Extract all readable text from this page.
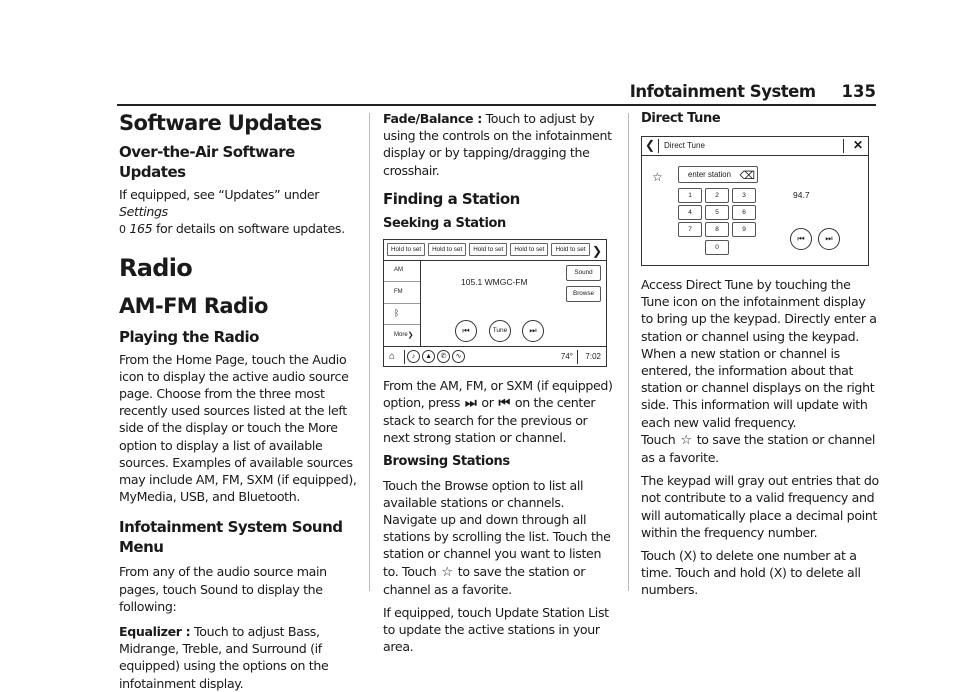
Infotainment System 135
Software Updates
Over-the-Air Software Updates

If equipped, see “Updates” under Settings
0 165 for details on software updates.

Radio
AM-FM Radio
Playing the Radio

From the Home Page, touch the Audio icon to display the active audio source page. Choose from the three most recently used sources listed at the left side of the display or touch the More option to display a list of available sources. Examples of available sources may include AM, FM, SXM (if equipped), MyMedia, USB, and Bluetooth.

Infotainment System Sound Menu

From any of the audio source main pages, touch Sound to display the following:

Equalizer : Touch to adjust Bass, Midrange, Treble, and Surround (if equipped) using the options on the infotainment display.

Fade/Balance : Touch to adjust by using the controls on the infotainment display or by tapping/dragging the crosshair.

Finding a Station
Seeking a Station
Hold to set	Hold to set	Hold to set	Hold to set	Hold to set ❯
AM
FM
ᛒ
More ❯
105.1 WMGC-FM
Sound
Browse
⏮	Tune	⏭
⌂	♪	▲	✆	∿	74° 7:02

From the AM, FM, or SXM (if equipped) option, press ⏭ or ⏮ on the center stack to search for the previous or next strong station or channel.

Browsing Stations

Touch the Browse option to list all available stations or channels. Navigate up and down through all stations by scrolling the list. Touch the station or channel you want to listen to. Touch ☆ to save the station or channel as a favorite.

If equipped, touch Update Station List to update the active stations in your area.

Direct Tune
❮	Direct Tune	✕
☆	enter station ⌫
1	2	3
4	5	6
7	8	9
0
94.7
⏮	⏭

Access Direct Tune by touching the Tune icon on the infotainment display to bring up the keypad. Directly enter a station or channel using the keypad. When a new station or channel is entered, the information about that station or channel displays on the right side. This information will update with each new valid frequency.

Touch ☆ to save the station or channel as a favorite.

The keypad will gray out entries that do not contribute to a valid frequency and will automatically place a decimal point within the frequency number.

Touch (X) to delete one number at a time. Touch and hold (X) to delete all numbers.
